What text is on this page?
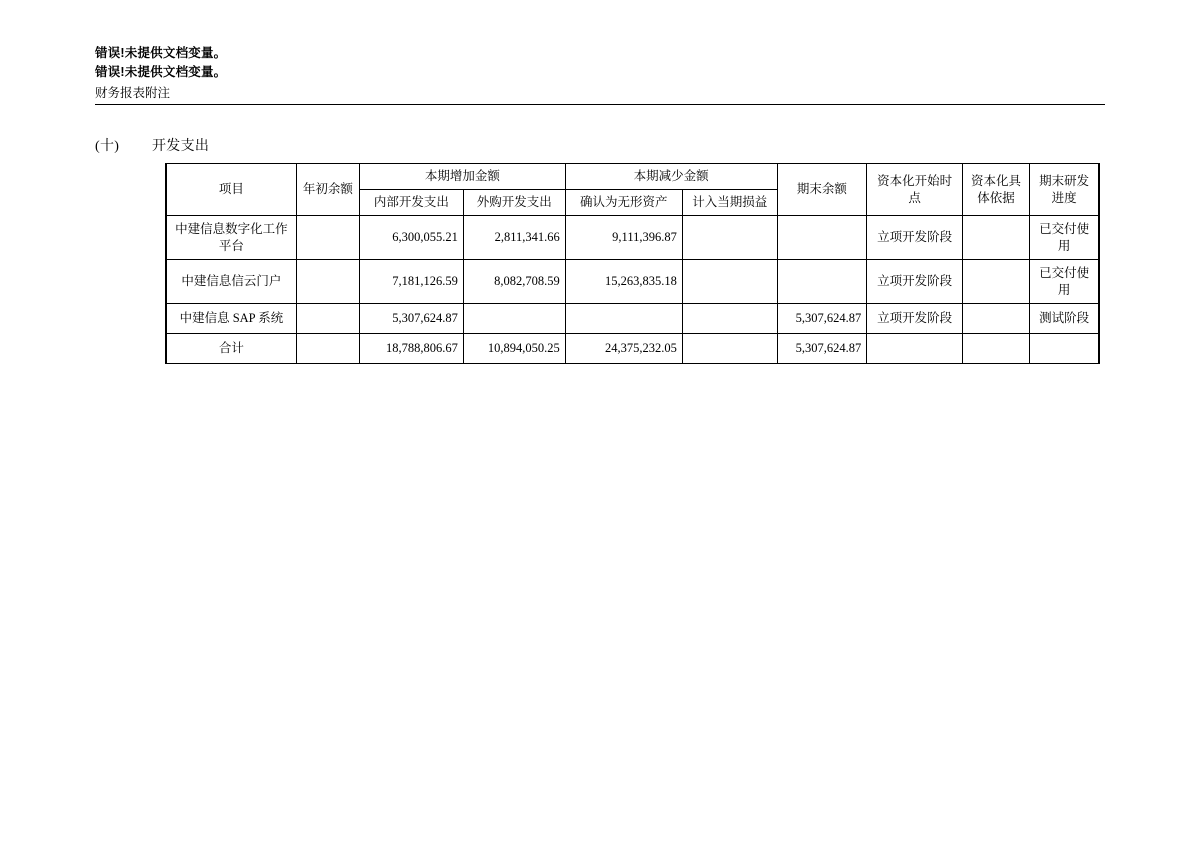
错误!未提供文档变量。
错误!未提供文档变量。
财务报表附注
(十) 开发支出
项目	年初余额	本期增加金额		本期减少金额		期末余额	资本化开始时点	资本化具体依据	期末研发进度
		内部开发支出	外购开发支出	确认为无形资产	计入当期损益				
中建信息数字化工作平台		6,300,055.21	2,811,341.66	9,111,396.87			立项开发阶段		已交付使用
中建信息信云门户		7,181,126.59	8,082,708.59	15,263,835.18			立项开发阶段		已交付使用
中建信息 SAP 系统		5,307,624.87				5,307,624.87	立项开发阶段		测试阶段
合计		18,788,806.67	10,894,050.25	24,375,232.05		5,307,624.87			
